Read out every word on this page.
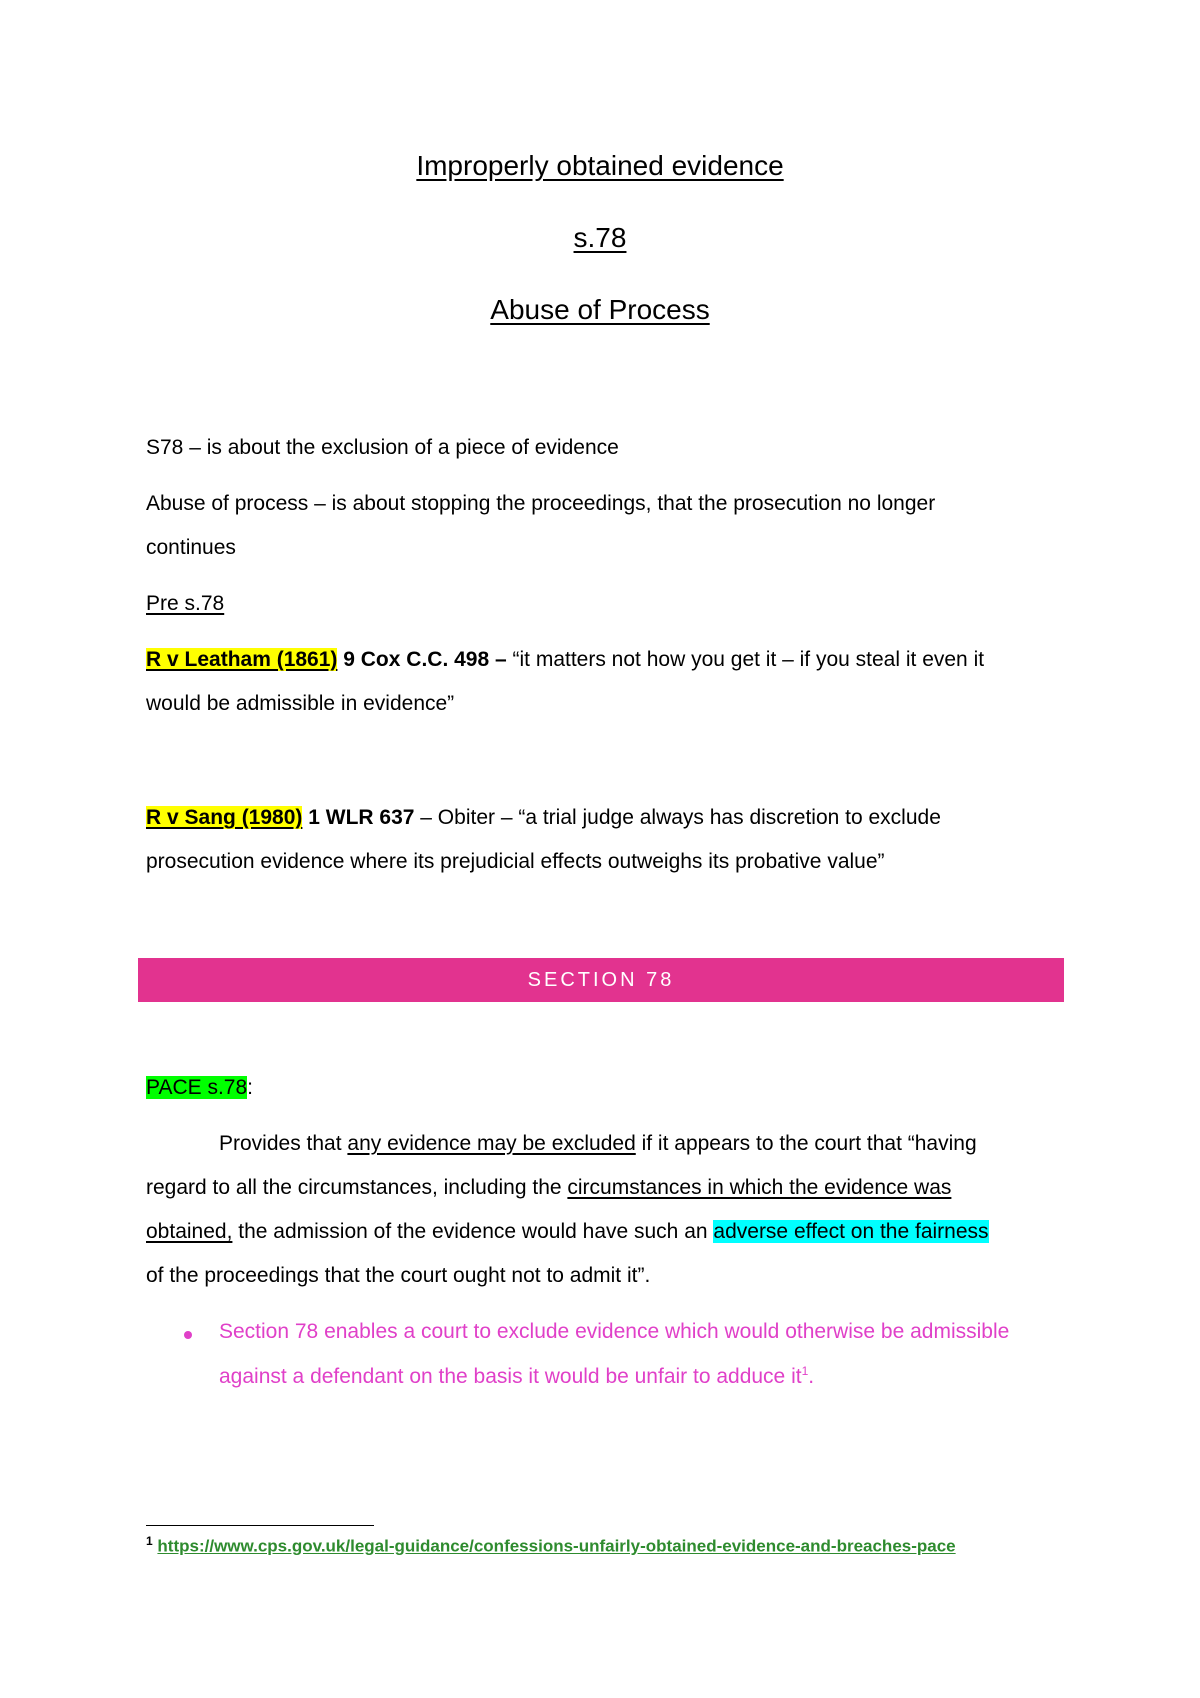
Improperly obtained evidence
s.78
Abuse of Process
S78 – is about the exclusion of a piece of evidence
Abuse of process – is about stopping the proceedings, that the prosecution no longer
continues
Pre s.78
R v Leatham (1861) 9 Cox C.C. 498 – “it matters not how you get it – if you steal it even it
would be admissible in evidence”
R v Sang (1980) 1 WLR 637 – Obiter – “a trial judge always has discretion to exclude
prosecution evidence where its prejudicial effects outweighs its probative value”
SECTION 78
PACE s.78:
Provides that any evidence may be excluded if it appears to the court that “having
regard to all the circumstances, including the circumstances in which the evidence was
obtained, the admission of the evidence would have such an adverse effect on the fairness
of the proceedings that the court ought not to admit it”.
Section 78 enables a court to exclude evidence which would otherwise be admissible
against a defendant on the basis it would be unfair to adduce $it^1$.
$^1$ https://www.cps.gov.uk/legal-guidance/confessions-unfairly-obtained-evidence-and-breaches-pace
